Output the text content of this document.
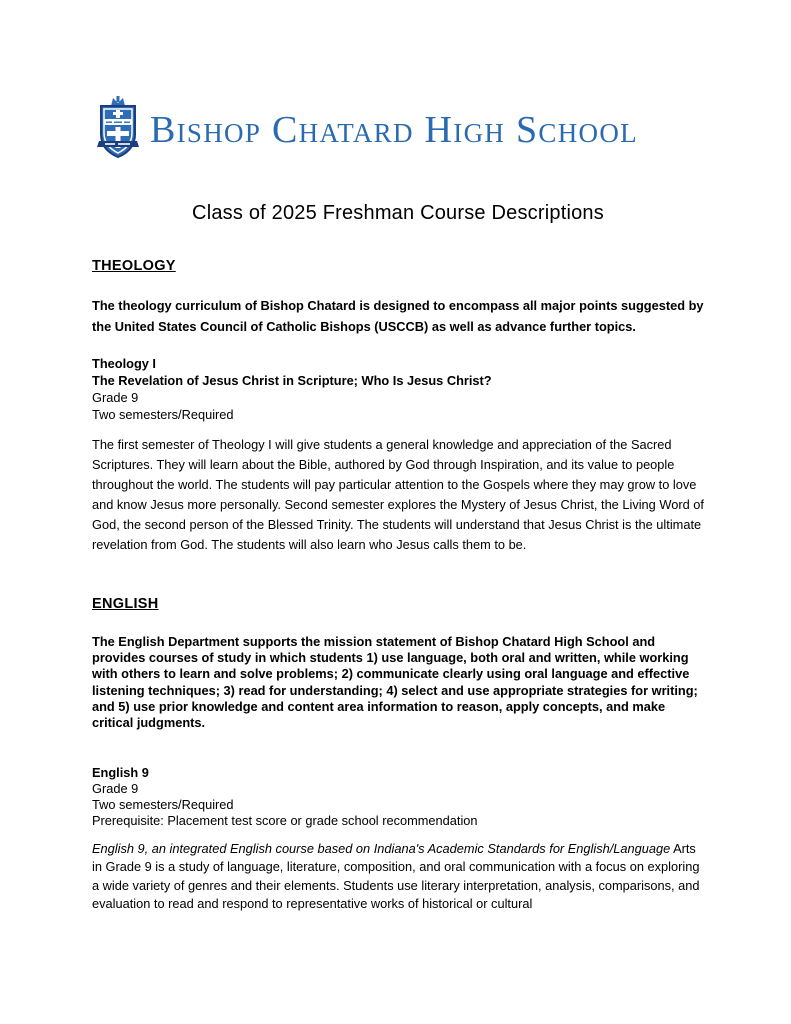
Bishop Chatard High School
Class of 2025 Freshman Course Descriptions
THEOLOGY

The theology curriculum of Bishop Chatard is designed to encompass all major points suggested by the United States Council of Catholic Bishops (USCCB) as well as advance further topics.

Theology I
The Revelation of Jesus Christ in Scripture; Who Is Jesus Christ?
Grade 9
Two semesters/Required

The first semester of Theology I will give students a general knowledge and appreciation of the Sacred Scriptures. They will learn about the Bible, authored by God through Inspiration, and its value to people throughout the world. The students will pay particular attention to the Gospels where they may grow to love and know Jesus more personally. Second semester explores the Mystery of Jesus Christ, the Living Word of God, the second person of the Blessed Trinity. The students will understand that Jesus Christ is the ultimate revelation from God. The students will also learn who Jesus calls them to be.

ENGLISH

The English Department supports the mission statement of Bishop Chatard High School and provides courses of study in which students 1) use language, both oral and written, while working with others to learn and solve problems; 2) communicate clearly using oral language and effective listening techniques; 3) read for understanding; 4) select and use appropriate strategies for writing; and 5) use prior knowledge and content area information to reason, apply concepts, and make critical judgments.

English 9
Grade 9
Two semesters/Required
Prerequisite: Placement test score or grade school recommendation

English 9, an integrated English course based on Indiana's Academic Standards for English/Language Arts in Grade 9 is a study of language, literature, composition, and oral communication with a focus on exploring a wide variety of genres and their elements. Students use literary interpretation, analysis, comparisons, and evaluation to read and respond to representative works of historical or cultural
